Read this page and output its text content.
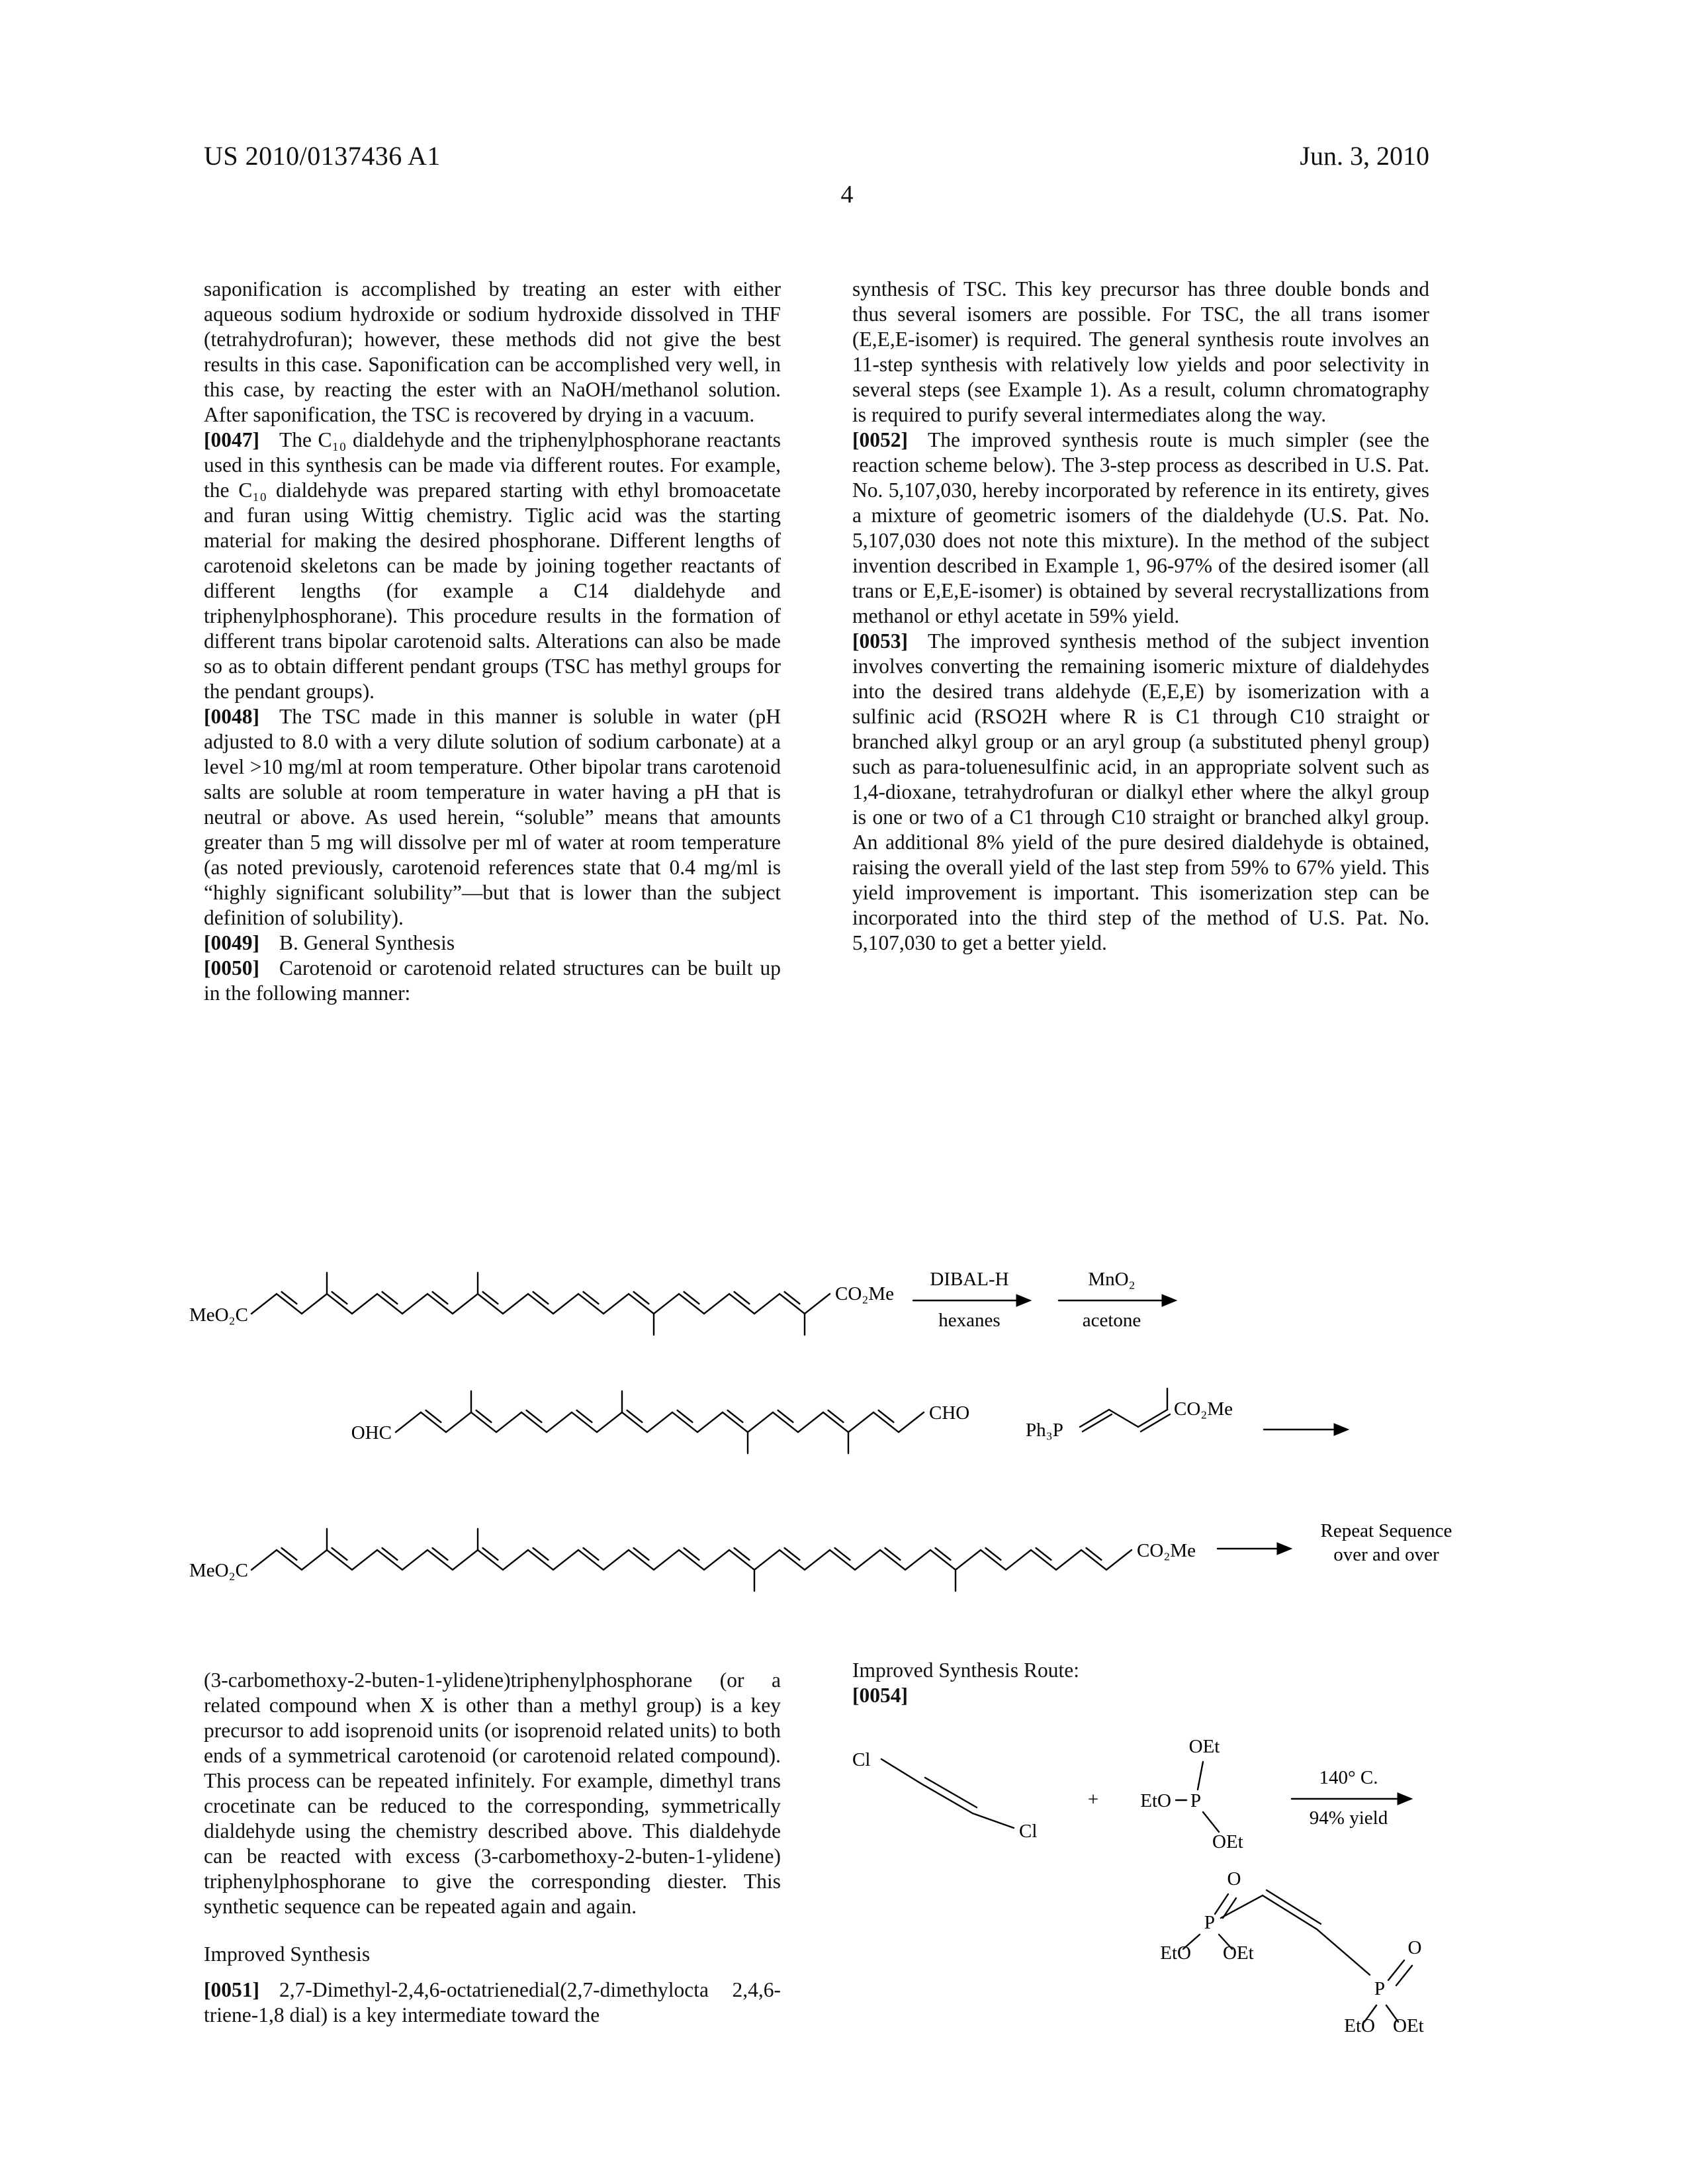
US 2010/0137436 A1	Jun. 3, 2010
4

saponification is accomplished by treating an ester with either aqueous sodium hydroxide or sodium hydroxide dissolved in THF (tetrahydrofuran); however, these methods did not give the best results in this case. Saponification can be accomplished very well, in this case, by reacting the ester with an NaOH/methanol solution. After saponification, the TSC is recovered by drying in a vacuum.

[0047] The C₁₀ dialdehyde and the triphenylphosphorane reactants used in this synthesis can be made via different routes. For example, the C₁₀ dialdehyde was prepared starting with ethyl bromoacetate and furan using Wittig chemistry. Tiglic acid was the starting material for making the desired phosphorane. Different lengths of carotenoid skeletons can be made by joining together reactants of different lengths (for example a C14 dialdehyde and triphenylphosphorane). This procedure results in the formation of different trans bipolar carotenoid salts. Alterations can also be made so as to obtain different pendant groups (TSC has methyl groups for the pendant groups).

[0048] The TSC made in this manner is soluble in water (pH adjusted to 8.0 with a very dilute solution of sodium carbonate) at a level >10 mg/ml at room temperature. Other bipolar trans carotenoid salts are soluble at room temperature in water having a pH that is neutral or above. As used herein, “soluble” means that amounts greater than 5 mg will dissolve per ml of water at room temperature (as noted previously, carotenoid references state that 0.4 mg/ml is “highly significant solubility”—but that is lower than the subject definition of solubility).

[0049] B. General Synthesis

[0050] Carotenoid or carotenoid related structures can be built up in the following manner:

synthesis of TSC. This key precursor has three double bonds and thus several isomers are possible. For TSC, the all trans isomer (E,E,E-isomer) is required. The general synthesis route involves an 11-step synthesis with relatively low yields and poor selectivity in several steps (see Example 1). As a result, column chromatography is required to purify several intermediates along the way.

[0052] The improved synthesis route is much simpler (see the reaction scheme below). The 3-step process as described in U.S. Pat. No. 5,107,030, hereby incorporated by reference in its entirety, gives a mixture of geometric isomers of the dialdehyde (U.S. Pat. No. 5,107,030 does not note this mixture). In the method of the subject invention described in Example 1, 96-97% of the desired isomer (all trans or E,E,E-isomer) is obtained by several recrystallizations from methanol or ethyl acetate in 59% yield.

[0053] The improved synthesis method of the subject invention involves converting the remaining isomeric mixture of dialdehydes into the desired trans aldehyde (E,E,E) by isomerization with a sulfinic acid (RSO2H where R is C1 through C10 straight or branched alkyl group or an aryl group (a substituted phenyl group) such as para-toluenesulfinic acid, in an appropriate solvent such as 1,4-dioxane, tetrahydrofuran or dialkyl ether where the alkyl group is one or two of a C1 through C10 straight or branched alkyl group. An additional 8% yield of the pure desired dialdehyde is obtained, raising the overall yield of the last step from 59% to 67% yield. This yield improvement is important. This isomerization step can be incorporated into the third step of the method of U.S. Pat. No. 5,107,030 to get a better yield.

MeO₂C
CO₂Me
DIBAL-H
hexanes
MnO₂
acetone
OHC
CHO
Ph₃P
CO₂Me
MeO₂C
CO₂Me
Repeat Sequence
over and over

(3-carbomethoxy-2-buten-1-ylidene)triphenylphosphorane (or a related compound when X is other than a methyl group) is a key precursor to add isoprenoid units (or isoprenoid related units) to both ends of a symmetrical carotenoid (or carotenoid related compound). This process can be repeated infinitely. For example, dimethyl trans crocetinate can be reduced to the corresponding, symmetrically dialdehyde using the chemistry described above. This dialdehyde can be reacted with excess (3-carbomethoxy-2-buten-1-ylidene) triphenylphosphorane to give the corresponding diester. This synthetic sequence can be repeated again and again.

Improved Synthesis

[0051] 2,7-Dimethyl-2,4,6-octatrienedial(2,7-dimethylocta 2,4,6-triene-1,8 dial) is a key intermediate toward the

Improved Synthesis Route:

[0054]

Cl
Cl
+
OEt
EtO P
OEt
140° C.
94% yield
O
P
EtO OEt
P
O
EtO OEt
